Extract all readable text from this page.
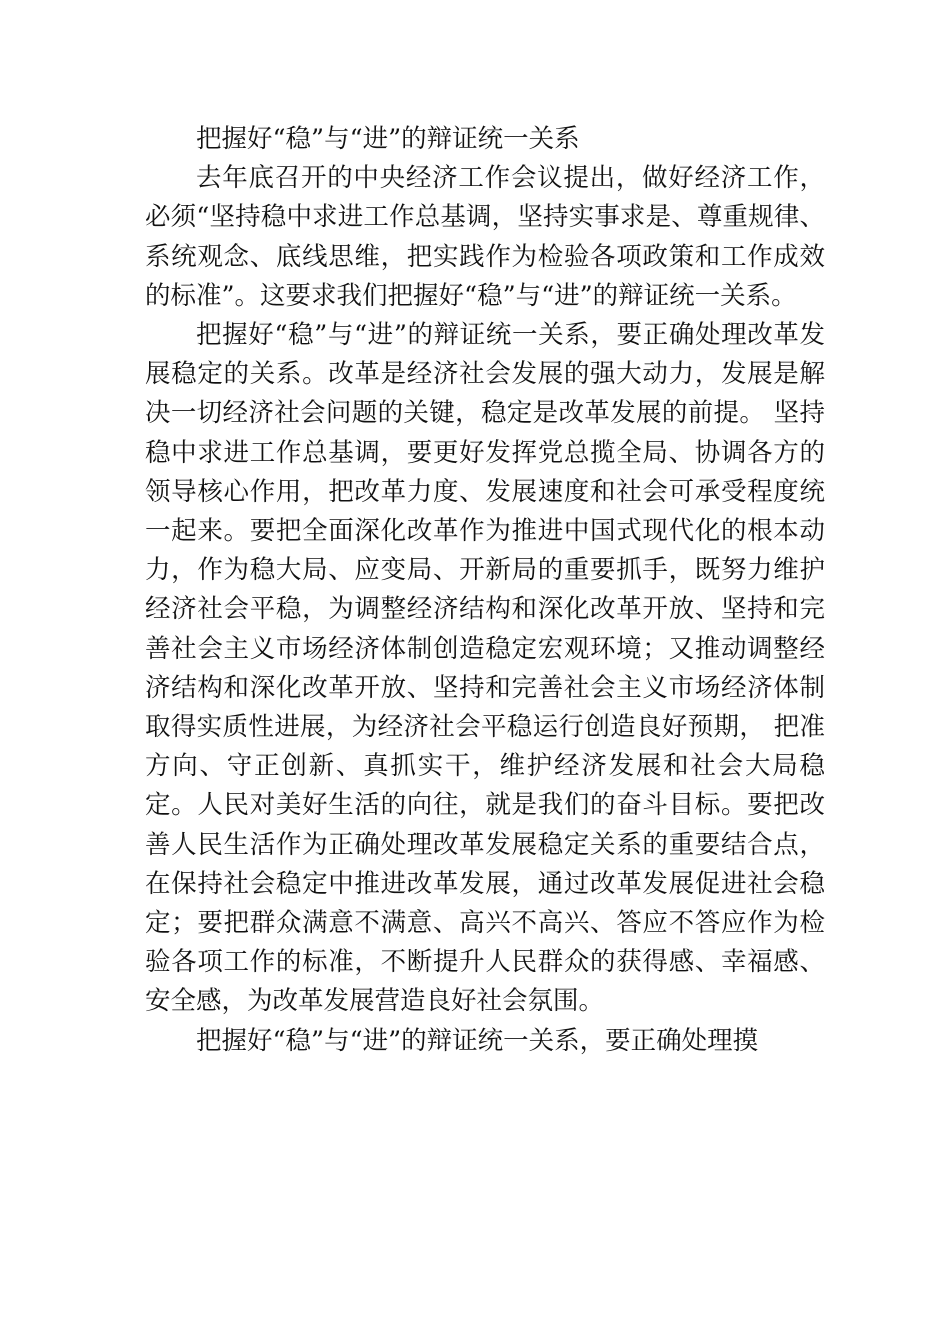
把握好“稳”与“进”的辩证统一关系

去年底召开的中央经济工作会议提出，做好经济工作，必须“坚持稳中求进工作总基调，坚持实事求是、尊重规律、系统观念、底线思维，把实践作为检验各项政策和工作成效的标准”。这要求我们把握好“稳”与“进”的辩证统一关系。

把握好“稳”与“进”的辩证统一关系，要正确处理改革发展稳定的关系。改革是经济社会发展的强大动力，发展是解决一切经济社会问题的关键，稳定是改革发展的前提。 坚持稳中求进工作总基调，要更好发挥党总揽全局、协调各方的领导核心作用，把改革力度、发展速度和社会可承受程度统一起来。要把全面深化改革作为推进中国式现代化的根本动力，作为稳大局、应变局、开新局的重要抓手，既努力维护经济社会平稳，为调整经济结构和深化改革开放、坚持和完善社会主义市场经济体制创造稳定宏观环境；又推动调整经济结构和深化改革开放、坚持和完善社会主义市场经济体制取得实质性进展，为经济社会平稳运行创造良好预期， 把准方向、守正创新、真抓实干，维护经济发展和社会大局稳定。人民对美好生活的向往，就是我们的奋斗目标。要把改善人民生活作为正确处理改革发展稳定关系的重要结合点，在保持社会稳定中推进改革发展，通过改革发展促进社会稳定；要把群众满意不满意、高兴不高兴、答应不答应作为检验各项工作的标准，不断提升人民群众的获得感、幸福感、安全感，为改革发展营造良好社会氛围。

把握好“稳”与“进”的辩证统一关系，要正确处理摸
